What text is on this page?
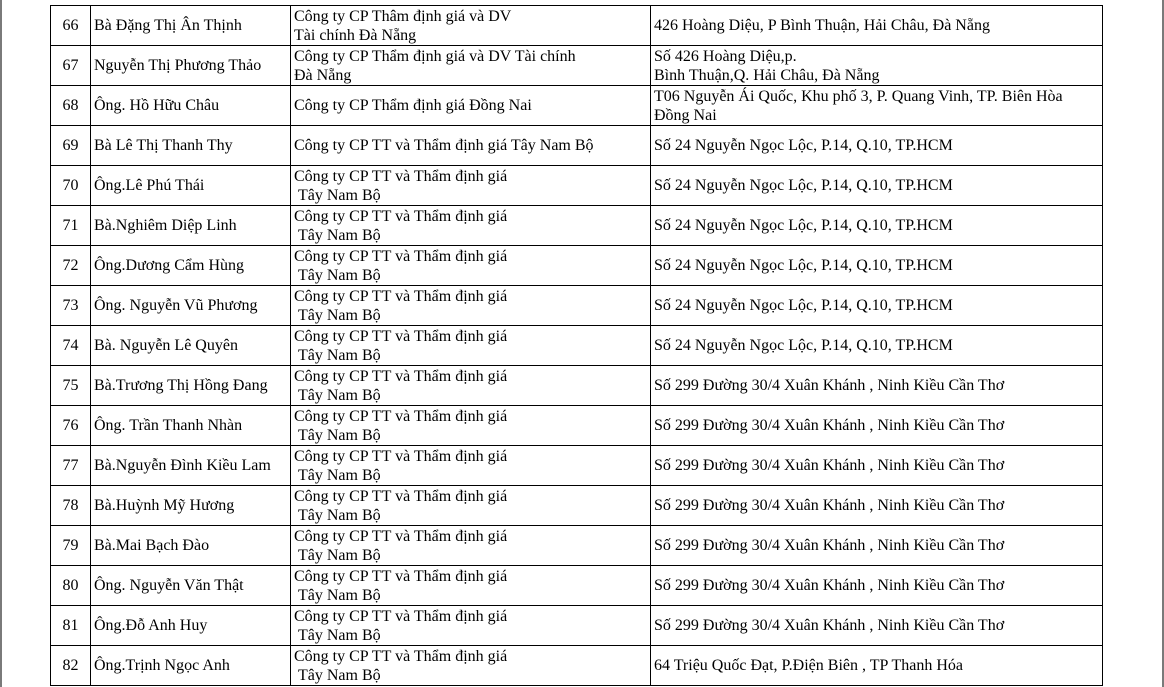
66	Bà Đặng Thị Ân Thịnh	Công ty CP Thâm định giá và DV
Tài chính Đà Nẵng	426 Hoàng Diệu, P Bình Thuận, Hải Châu, Đà Nẵng

67	Nguyễn Thị Phương Thảo	Công ty CP Thẩm định giá và DV Tài chính
Đà Nẵng	Số 426 Hoàng Diệu,p.
Bình Thuận,Q. Hải Châu, Đà Nẵng

68	Ông. Hồ Hữu Châu	Công ty CP Thẩm định giá Đồng Nai	T06 Nguyễn Ái Quốc, Khu phố 3, P. Quang Vinh, TP. Biên Hòa
Đồng Nai

69	Bà Lê Thị Thanh Thy	Công ty CP TT và Thẩm định giá Tây Nam Bộ	Số 24 Nguyễn Ngọc Lộc, P.14, Q.10, TP.HCM

70	Ông.Lê Phú Thái	Công ty CP TT và Thẩm định giá
Tây Nam Bộ	Số 24 Nguyễn Ngọc Lộc, P.14, Q.10, TP.HCM

71	Bà.Nghiêm Diệp Linh	Công ty CP TT và Thẩm định giá
Tây Nam Bộ	Số 24 Nguyễn Ngọc Lộc, P.14, Q.10, TP.HCM

72	Ông.Dương Cẩm Hùng	Công ty CP TT và Thẩm định giá
Tây Nam Bộ	Số 24 Nguyễn Ngọc Lộc, P.14, Q.10, TP.HCM

73	Ông. Nguyễn Vũ Phương	Công ty CP TT và Thẩm định giá
Tây Nam Bộ	Số 24 Nguyễn Ngọc Lộc, P.14, Q.10, TP.HCM

74	Bà. Nguyễn Lê Quyên	Công ty CP TT và Thẩm định giá
Tây Nam Bộ	Số 24 Nguyễn Ngọc Lộc, P.14, Q.10, TP.HCM

75	Bà.Trương Thị Hồng Đang	Công ty CP TT và Thẩm định giá
Tây Nam Bộ	Số 299 Đường 30/4 Xuân Khánh , Ninh Kiều Cần Thơ

76	Ông. Trần Thanh Nhàn	Công ty CP TT và Thẩm định giá
Tây Nam Bộ	Số 299 Đường 30/4 Xuân Khánh , Ninh Kiều Cần Thơ

77	Bà.Nguyễn Đình Kiều Lam	Công ty CP TT và Thẩm định giá
Tây Nam Bộ	Số 299 Đường 30/4 Xuân Khánh , Ninh Kiều Cần Thơ

78	Bà.Huỳnh Mỹ Hương	Công ty CP TT và Thẩm định giá
Tây Nam Bộ	Số 299 Đường 30/4 Xuân Khánh , Ninh Kiều Cần Thơ

79	Bà.Mai Bạch Đào	Công ty CP TT và Thẩm định giá
Tây Nam Bộ	Số 299 Đường 30/4 Xuân Khánh , Ninh Kiều Cần Thơ

80	Ông. Nguyễn Văn Thật	Công ty CP TT và Thẩm định giá
Tây Nam Bộ	Số 299 Đường 30/4 Xuân Khánh , Ninh Kiều Cần Thơ

81	Ông.Đỗ Anh Huy	Công ty CP TT và Thẩm định giá
Tây Nam Bộ	Số 299 Đường 30/4 Xuân Khánh , Ninh Kiều Cần Thơ

82	Ông.Trịnh Ngọc Anh	Công ty CP TT và Thẩm định giá
Tây Nam Bộ	64 Triệu Quốc Đạt, P.Điện Biên , TP Thanh Hóa
